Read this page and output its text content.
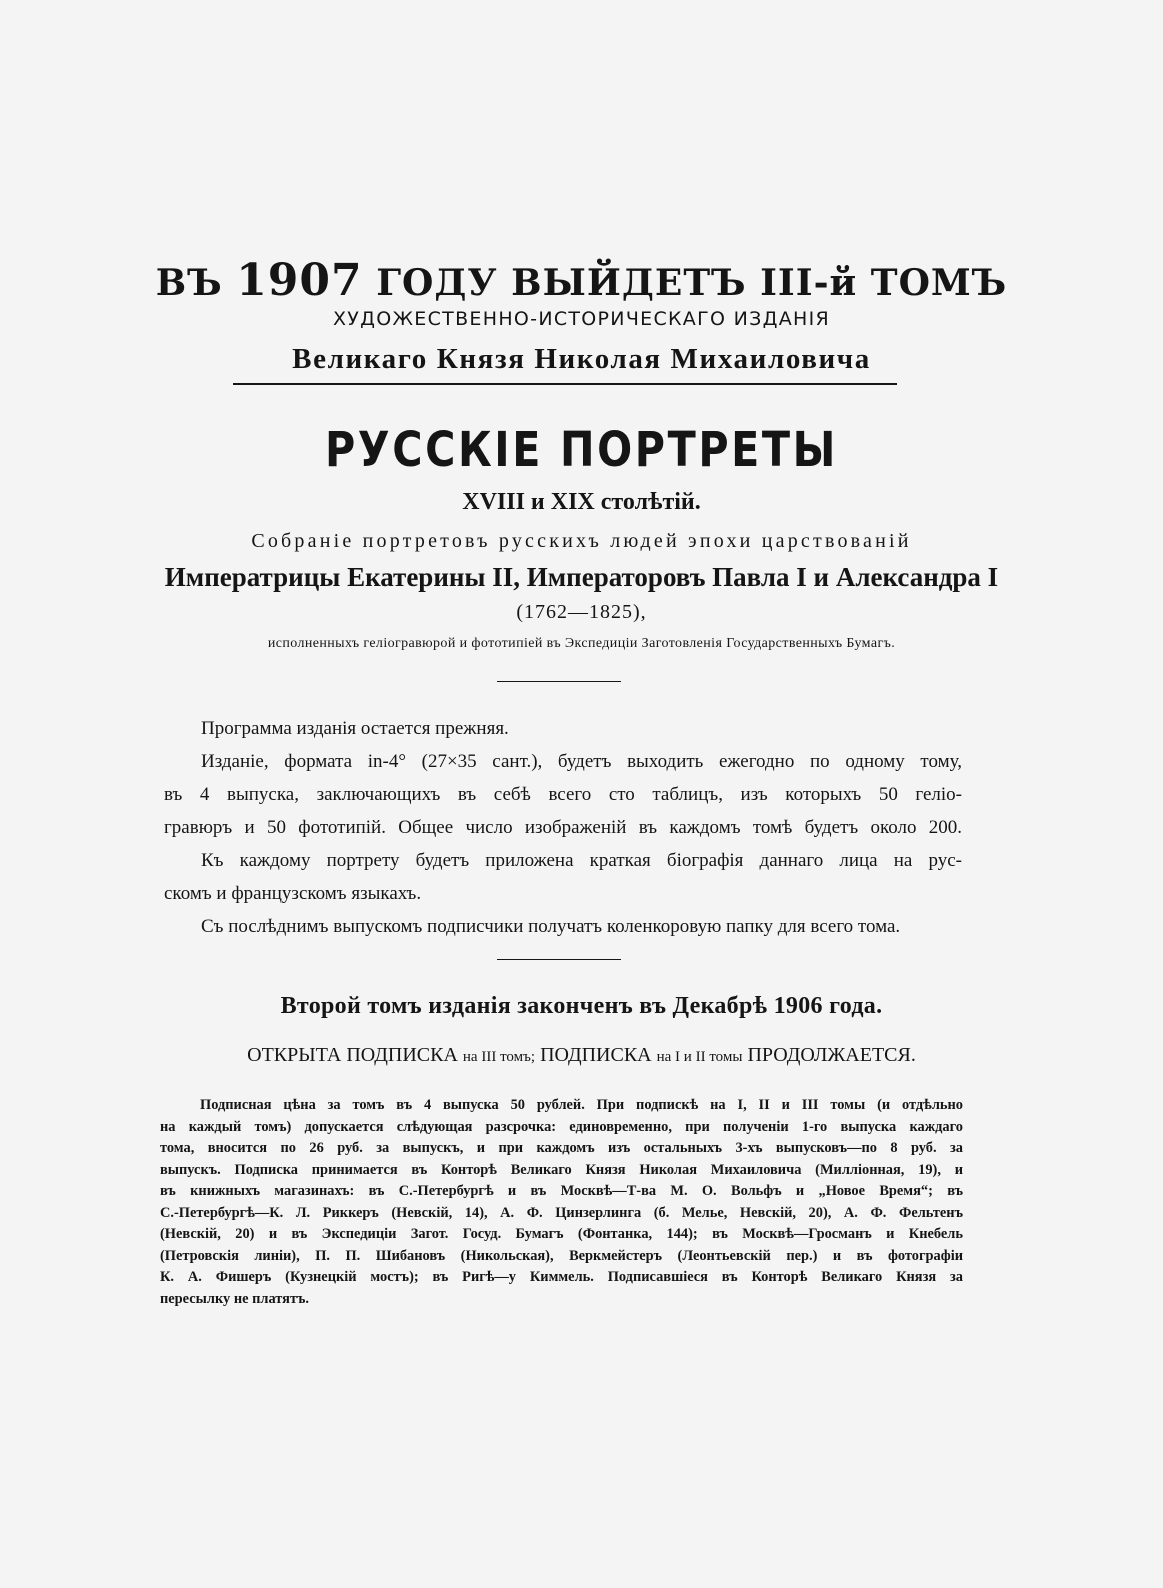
ВЪ 1907 ГОДУ ВЫЙДЕТЪ III-й ТОМЪ
ХУДОЖЕСТВЕННО-ИСТОРИЧЕСКАГО ИЗДАНІЯ
Великаго Князя Николая Михаиловича
РУССКІЕ ПОРТРЕТЫ
XVIII и XIX столѣтій.
Собраніе портретовъ русскихъ людей эпохи царствованій
Императрицы Екатерины II, Императоровъ Павла I и Александра I
(1762—1825),
исполненныхъ геліогравюрой и фототипіей въ Экспедиціи Заготовленія Государственныхъ Бумагъ.
Программа изданія остается прежняя.
Изданіе, формата in-4° (27×35 сант.), будетъ выходить ежегодно по одному тому,
въ 4 выпуска, заключающихъ въ себѣ всего сто таблицъ, изъ которыхъ 50 геліо-
гравюръ и 50 фототипій. Общее число изображеній въ каждомъ томѣ будетъ около 200.
Къ каждому портрету будетъ приложена краткая біографія даннаго лица на рус-
скомъ и французскомъ языкахъ.
Съ послѣднимъ выпускомъ подписчики получатъ коленкоровую папку для всего тома.
Второй томъ изданія законченъ въ Декабрѣ 1906 года.
ОТКРЫТА ПОДПИСКА на III томъ; ПОДПИСКА на I и II томы ПРОДОЛЖАЕТСЯ.
Подписная цѣна за томъ въ 4 выпуска 50 рублей. При подпискѣ на I, II и III томы (и отдѣльно
на каждый томъ) допускается слѣдующая разсрочка: единовременно, при полученіи 1-го выпуска каждаго
тома, вносится по 26 руб. за выпускъ, и при каждомъ изъ остальныхъ 3-хъ выпусковъ—по 8 руб. за
выпускъ. Подписка принимается въ Конторѣ Великаго Князя Николая Михаиловича (Милліонная, 19), и
въ книжныхъ магазинахъ: въ С.-Петербургѣ и въ Москвѣ—Т-ва М. О. Вольфъ и „Новое Время“; въ
С.-Петербургѣ—К. Л. Риккеръ (Невскій, 14), А. Ф. Цинзерлинга (б. Мелье, Невскій, 20), А. Ф. Фельтенъ
(Невскій, 20) и въ Экспедиціи Загот. Госуд. Бумагъ (Фонтанка, 144); въ Москвѣ—Гросманъ и Кнебель
(Петровскія линіи), П. П. Шибановъ (Никольская), Веркмейстеръ (Леонтьевскій пер.) и въ фотографіи
К. А. Фишеръ (Кузнецкій мостъ); въ Ригѣ—у Киммель. Подписавшіеся въ Конторѣ Великаго Князя за
пересылку не платятъ.
